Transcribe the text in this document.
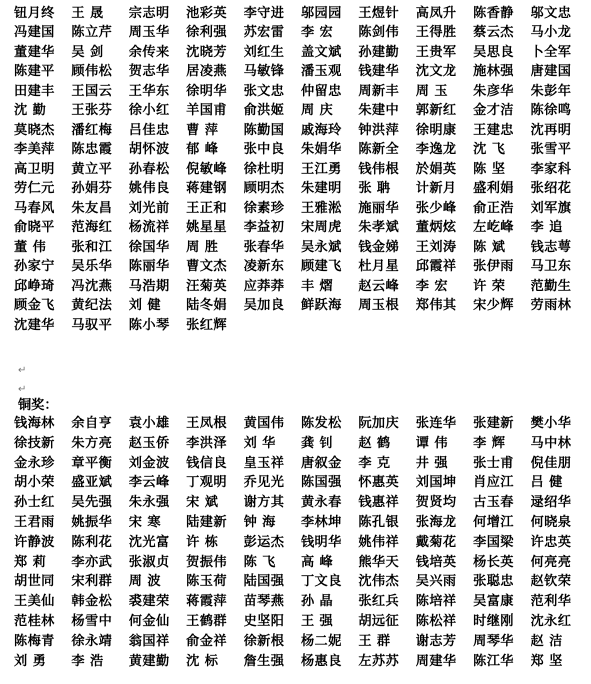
钮月终	王 晟	宗志明	池彩英	李守进	邬园园	王煜针	高凤升	陈香静	邬文忠
冯建国	陈立芹	周玉华	徐利强	苏宏雷	李 宏	陈剑伟	王得胜	蔡云杰	马小龙
董建华	吴 剑	余传来	沈晓芳	刘红生	盖文斌	孙建勤	王贵军	吴思良	卜全军
陈建平	顾伟松	贺志华	居凌燕	马敏锋	潘玉观	钱建华	沈文龙	施林强	唐建国
田建丰	王国云	王华东	徐明华	张文忠	仲留忠	周新丰	周 玉	朱彦华	朱彭年
沈 勤	王张芬	徐小红	羊国甫	俞洪姬	周 庆	朱建中	郭新红	金才洁	陈徐鸣
莫晓杰	潘红梅	吕佳忠	曹 萍	陈勤国	戚海玲	钟洪萍	徐明康	王建忠	沈再明
李美萍	陈忠霞	胡怀波	郁 峰	张中良	朱娟华	陈新全	李逸龙	沈 飞	张雪平
高卫明	黄立平	孙春松	倪敏峰	徐杜明	王江勇	钱伟根	於娟英	陈 坚	李家科
劳仁元	孙娟芬	姚伟良	蒋建钢	顾明杰	朱建明	张 聃	计新月	盛利娟	张绍花
马春风	朱友昌	刘光前	王正和	徐素珍	王雅淞	施丽华	张少峰	俞正浩	刘军旗
俞晓平	范海红	杨流祥	姚星星	李益初	宋周虎	朱孝斌	董炳炫	左屹峰	李 追
董 伟	张和江	徐国华	周 胜	张春华	吴永斌	钱金娣	王刘涛	陈 斌	钱志萼
孙家宁	吴乐华	陈丽华	曹文杰	凌新东	顾建飞	杜月星	邱霞祥	张伊雨	马卫东
邱峥琦	冯沈燕	马浩期	汪菊英	应莽莽	丰 熠	赵云峰	李 宏	许 荣	范勤生
顾金飞	黄纪法	刘 健	陆冬娟	吴加良	鲜跃海	周玉根	郑伟其	宋少辉	劳雨林
沈建华	马驭平	陈小琴	张红辉
↵
↵
铜奖：
钱海林	余自亨	袁小雄	王凤根	黄国伟	陈发松	阮加庆	张连华	张建新	樊小华
徐技新	朱方亮	赵玉侨	李洪泽	刘 华	龚 钊	赵 鹤	谭 伟	李 辉	马中林
金永珍	章平衡	刘金波	钱信良	皇玉祥	唐叙金	李 克	井 强	张士甫	倪佳朋
胡小荣	盛亚斌	李云峰	丁观明	乔见光	陈国强	怀惠英	刘国坤	肖应江	吕 健
孙士红	吴先强	朱永强	宋 斌	谢方其	黄永春	钱惠祥	贺贤均	古玉春	逯绍华
王君雨	姚振华	宋 寒	陆建新	钟 海	李林坤	陈孔银	张海龙	何增江	何晓泉
许静波	陈利花	沈光富	许 栋	彭运杰	钱明华	姚伟祥	戴菊花	李国梁	许忠英
郑 莉	李亦武	张淑贞	贺振伟	陈 飞	高 峰	熊华天	钱培英	杨长英	何亮亮
胡世同	宋利群	周 波	陈玉荷	陆国强	丁文良	沈伟杰	吴兴雨	张聪忠	赵钦荣
王美仙	韩金松	裘建荣	蒋霞萍	苗琴燕	孙 晶	张红兵	陈培祥	吴富康	范利华
范桂林	杨雪中	何金仙	王鹤群	史坚阳	王 强	胡远征	陈松祥	时继刚	沈永红
陈梅青	徐永靖	翁国祥	俞金祥	徐新根	杨二妮	王 群	谢志芳	周琴华	赵 洁
刘 勇	李 浩	黄建勤	沈 标	詹生强	杨惠良	左苏苏	周建华	陈江华	郑 坚
